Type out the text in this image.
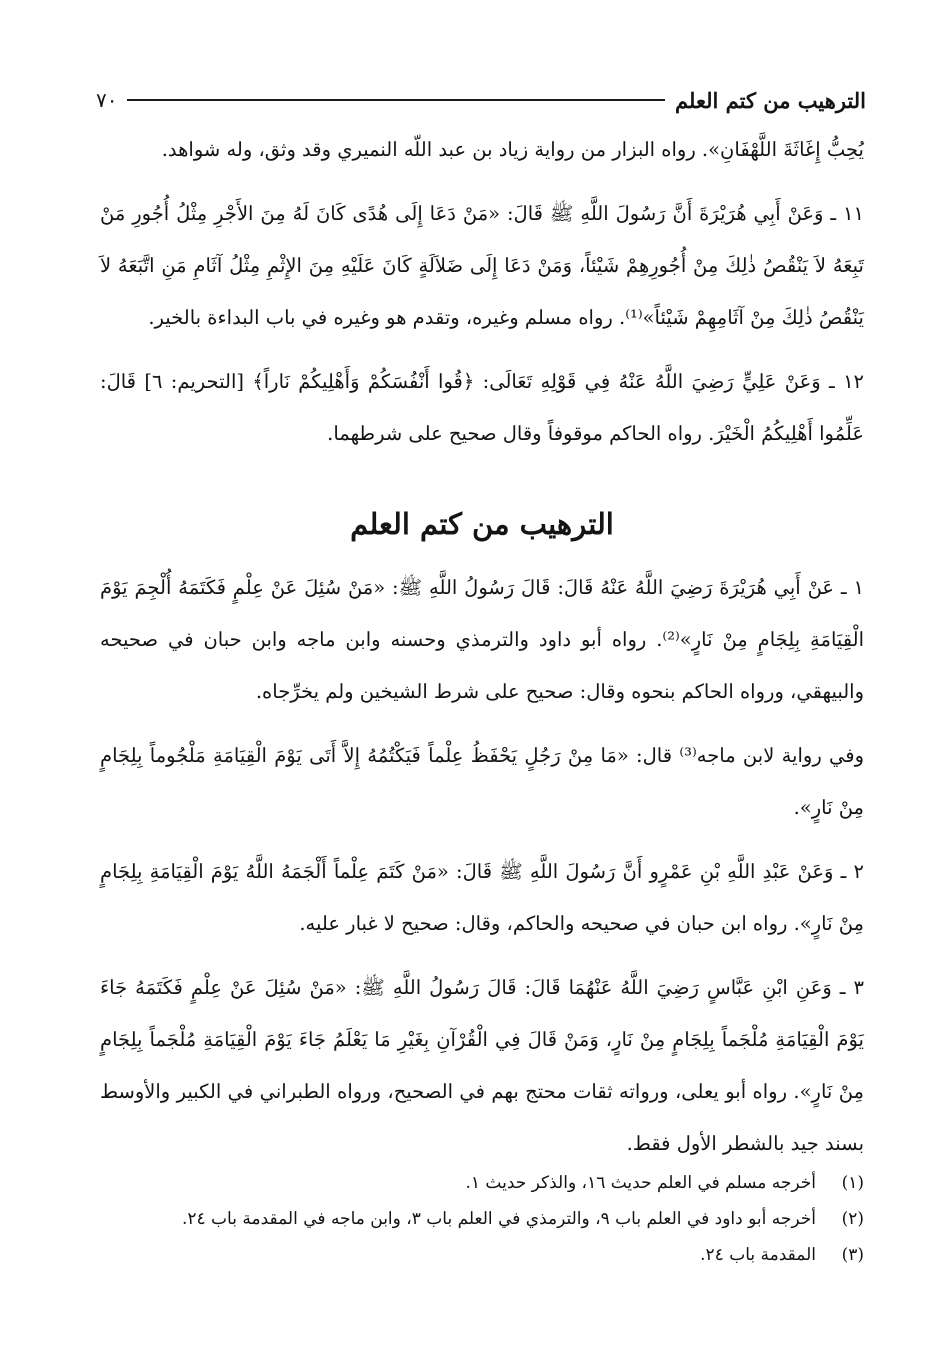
الترهيب من كتم العلم
٧٠

يُحِبُّ إِغَاثَةَ اللَّهْفَانِ». رواه البزار من رواية زياد بن عبد اللّه النميري وقد وثق، وله شواهد.

١١ ـ وَعَنْ أَبِي هُرَيْرَةَ أَنَّ رَسُولَ اللَّهِ ﷺ قَالَ: «مَنْ دَعَا إِلَى هُدًى كَانَ لَهُ مِنَ الأَجْرِ مِثْلُ أُجُورِ مَنْ تَبِعَهُ لاَ يَنْقُصُ ذٰلِكَ مِنْ أُجُورِهِمْ شَيْئاً، وَمَنْ دَعَا إِلَى ضَلاَلَةٍ كَانَ عَلَيْهِ مِنَ الإِثْمِ مِثْلُ آثَامِ مَنِ اتَّبَعَهُ لاَ يَنْقُصُ ذٰلِكَ مِنْ آثَامِهِمْ شَيْئاً»⁽¹⁾. رواه مسلم وغيره، وتقدم هو وغيره في باب البداءة بالخير.

١٢ ـ وَعَنْ عَلِيٍّ رَضِيَ اللَّهُ عَنْهُ فِي قَوْلِهِ تَعَالَى: ﴿قُوا أَنْفُسَكُمْ وَأَهْلِيكُمْ نَاراً﴾ [التحريم: ٦] قَالَ: عَلِّمُوا أَهْلِيكُمُ الْخَيْرَ. رواه الحاكم موقوفاً وقال صحيح على شرطهما.

الترهيب من كتم العلم

١ ـ عَنْ أَبِي هُرَيْرَةَ رَضِيَ اللَّهُ عَنْهُ قَالَ: قَالَ رَسُولُ اللَّهِ ﷺ: «مَنْ سُئِلَ عَنْ عِلْمٍ فَكَتَمَهُ أُلْجِمَ يَوْمَ الْقِيَامَةِ بِلِجَامٍ مِنْ نَارٍ»⁽²⁾. رواه أبو داود والترمذي وحسنه وابن ماجه وابن حبان في صحيحه والبيهقي، ورواه الحاكم بنحوه وقال: صحيح على شرط الشيخين ولم يخرِّجاه.

وفي رواية لابن ماجه⁽³⁾ قال: «مَا مِنْ رَجُلٍ يَحْفَظُ عِلْماً فَيَكْتُمُهُ إِلاَّ أَتَى يَوْمَ الْقِيَامَةِ مَلْجُوماً بِلِجَامٍ مِنْ نَارٍ».

٢ ـ وَعَنْ عَبْدِ اللَّهِ بْنِ عَمْرٍو أَنَّ رَسُولَ اللَّهِ ﷺ قَالَ: «مَنْ كَتَمَ عِلْماً أَلْجَمَهُ اللَّهُ يَوْمَ الْقِيَامَةِ بِلِجَامٍ مِنْ نَارٍ». رواه ابن حبان في صحيحه والحاكم، وقال: صحيح لا غبار عليه.

٣ ـ وَعَنِ ابْنِ عَبَّاسٍ رَضِيَ اللَّهُ عَنْهُمَا قَالَ: قَالَ رَسُولُ اللَّهِ ﷺ: «مَنْ سُئِلَ عَنْ عِلْمٍ فَكَتَمَهُ جَاءَ يَوْمَ الْقِيَامَةِ مُلْجَماً بِلِجَامٍ مِنْ نَارٍ، وَمَنْ قَالَ فِي الْقُرْآنِ بِغَيْرِ مَا يَعْلَمُ جَاءَ يَوْمَ الْقِيَامَةِ مُلْجَماً بِلِجَامٍ مِنْ نَارٍ». رواه أبو يعلى، ورواته ثقات محتج بهم في الصحيح، ورواه الطبراني في الكبير والأوسط بسند جيد بالشطر الأول فقط.

(١)
أخرجه مسلم في العلم حديث ١٦، والذكر حديث ١.
(٢)
أخرجه أبو داود في العلم باب ٩، والترمذي في العلم باب ٣، وابن ماجه في المقدمة باب ٢٤.
(٣)
المقدمة باب ٢٤.
